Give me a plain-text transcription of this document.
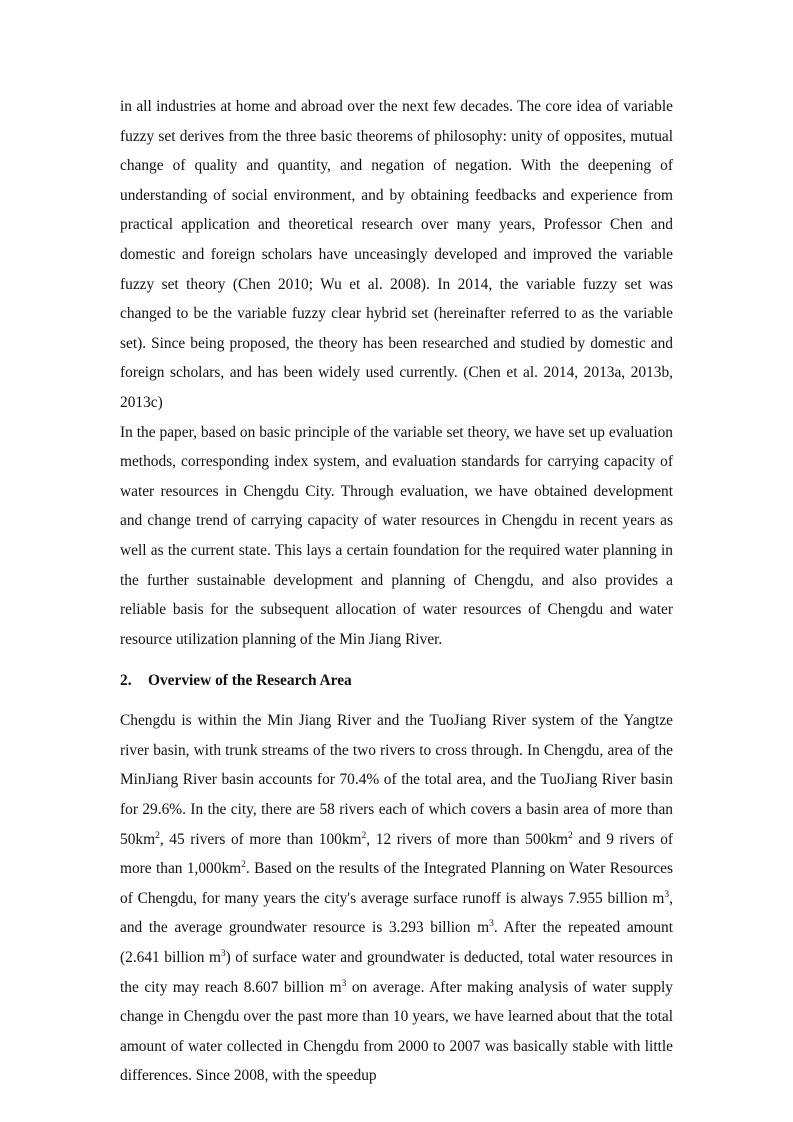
in all industries at home and abroad over the next few decades. The core idea of variable fuzzy set derives from the three basic theorems of philosophy: unity of opposites, mutual change of quality and quantity, and negation of negation. With the deepening of understanding of social environment, and by obtaining feedbacks and experience from practical application and theoretical research over many years, Professor Chen and domestic and foreign scholars have unceasingly developed and improved the variable fuzzy set theory (Chen 2010; Wu et al. 2008). In 2014, the variable fuzzy set was changed to be the variable fuzzy clear hybrid set (hereinafter referred to as the variable set). Since being proposed, the theory has been researched and studied by domestic and foreign scholars, and has been widely used currently. (Chen et al. 2014, 2013a, 2013b, 2013c)

In the paper, based on basic principle of the variable set theory, we have set up evaluation methods, corresponding index system, and evaluation standards for carrying capacity of water resources in Chengdu City. Through evaluation, we have obtained development and change trend of carrying capacity of water resources in Chengdu in recent years as well as the current state. This lays a certain foundation for the required water planning in the further sustainable development and planning of Chengdu, and also provides a reliable basis for the subsequent allocation of water resources of Chengdu and water resource utilization planning of the Min Jiang River.

2. Overview of the Research Area

Chengdu is within the Min Jiang River and the TuoJiang River system of the Yangtze river basin, with trunk streams of the two rivers to cross through. In Chengdu, area of the MinJiang River basin accounts for 70.4% of the total area, and the TuoJiang River basin for 29.6%. In the city, there are 58 rivers each of which covers a basin area of more than $50km^2$, 45 rivers of more than $100km^2$, 12 rivers of more than $500km^2$ and 9 rivers of more than $1,000km^2$. Based on the results of the Integrated Planning on Water Resources of Chengdu, for many years the city's average surface runoff is always 7.955 billion $m^3$, and the average groundwater resource is 3.293 billion $m^3$. After the repeated amount (2.641 billion $m^3$) of surface water and groundwater is deducted, total water resources in the city may reach 8.607 billion $m^3$ on average. After making analysis of water supply change in Chengdu over the past more than 10 years, we have learned about that the total amount of water collected in Chengdu from 2000 to 2007 was basically stable with little differences. Since 2008, with the speedup
